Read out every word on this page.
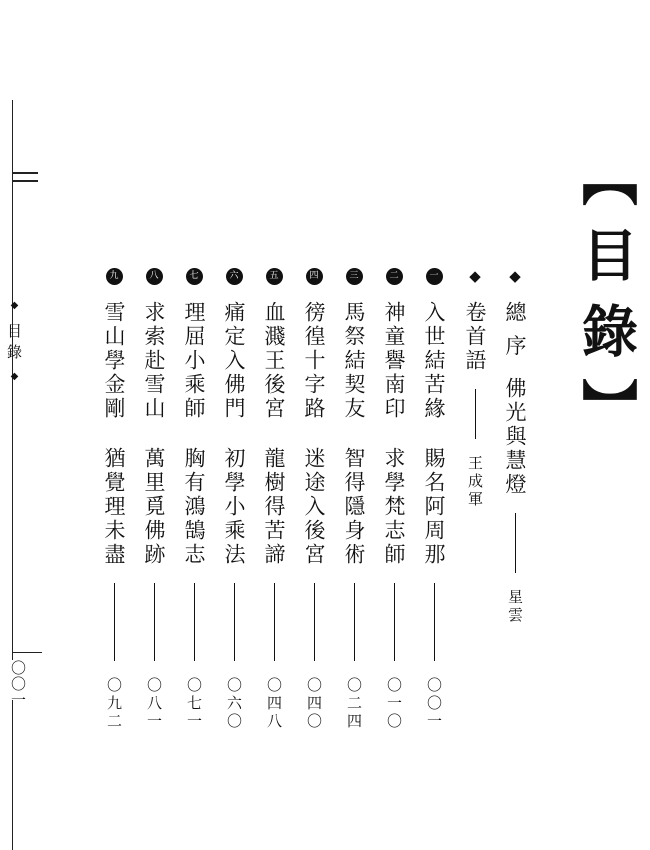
◆
目錄
◆
〇〇一
【目錄】
◆
總 序
佛光與慧燈
星雲
◆
卷首語
王成軍
一
入世結苦緣
賜名阿周那
〇〇一
二
神童譽南印
求學梵志師
〇一〇
三
馬祭結契友
智得隱身術
〇二四
四
徬徨十字路
迷途入後宮
〇四〇
五
血濺王後宮
龍樹得苦諦
〇四八
六
痛定入佛門
初學小乘法
〇六〇
七
理屈小乘師
胸有鴻鵠志
〇七一
八
求索赴雪山
萬里覓佛跡
〇八一
九
雪山學金剛
猶覺理未盡
〇九二
